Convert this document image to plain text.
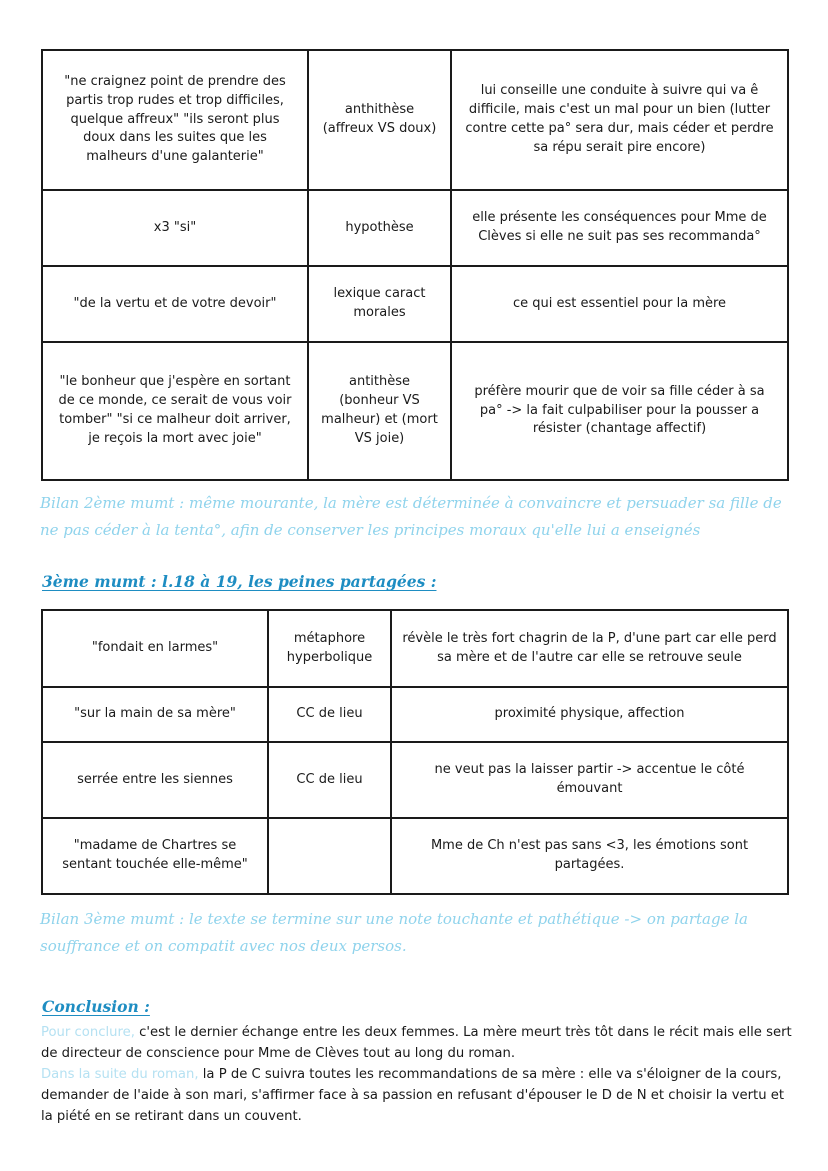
"ne craignez point de prendre des partis trop rudes et trop difficiles, quelque affreux" "ils seront plus doux dans les suites que les malheurs d'une galanterie"	anthithèse (affreux VS doux)	lui conseille une conduite à suivre qui va ê difficile, mais c'est un mal pour un bien (lutter contre cette pa° sera dur, mais céder et perdre sa répu serait pire encore)
x3 "si"	hypothèse	elle présente les conséquences pour Mme de Clèves si elle ne suit pas ses recommanda°
"de la vertu et de votre devoir"	lexique caract morales	ce qui est essentiel pour la mère
"le bonheur que j'espère en sortant de ce monde, ce serait de vous voir tomber" "si ce malheur doit arriver, je reçois la mort avec joie"	antithèse (bonheur VS malheur) et (mort VS joie)	préfère mourir que de voir sa fille céder à sa pa° -> la fait culpabiliser pour la pousser a résister (chantage affectif)
Bilan 2ème mumt : même mourante, la mère est déterminée à convaincre et persuader sa fille de ne pas céder à la tenta°, afin de conserver les principes moraux qu'elle lui a enseignés
3ème mumt : l.18 à 19, les peines partagées :
"fondait en larmes"	métaphore hyperbolique	révèle le très fort chagrin de la P, d'une part car elle perd sa mère et de l'autre car elle se retrouve seule
"sur la main de sa mère"	CC de lieu	proximité physique, affection
serrée entre les siennes	CC de lieu	ne veut pas la laisser partir -> accentue le côté émouvant
"madame de Chartres se sentant touchée elle-même"		Mme de Ch n'est pas sans <3, les émotions sont partagées.
Bilan 3ème mumt : le texte se termine sur une note touchante et pathétique -> on partage la souffrance et on compatit avec nos deux persos.
Conclusion :
Pour conclure, c'est le dernier échange entre les deux femmes. La mère meurt très tôt dans le récit mais elle sert de directeur de conscience pour Mme de Clèves tout au long du roman.
Dans la suite du roman, la P de C suivra toutes les recommandations de sa mère : elle va s'éloigner de la cours, demander de l'aide à son mari, s'affirmer face à sa passion en refusant d'épouser le D de N et choisir la vertu et la piété en se retirant dans un couvent.
